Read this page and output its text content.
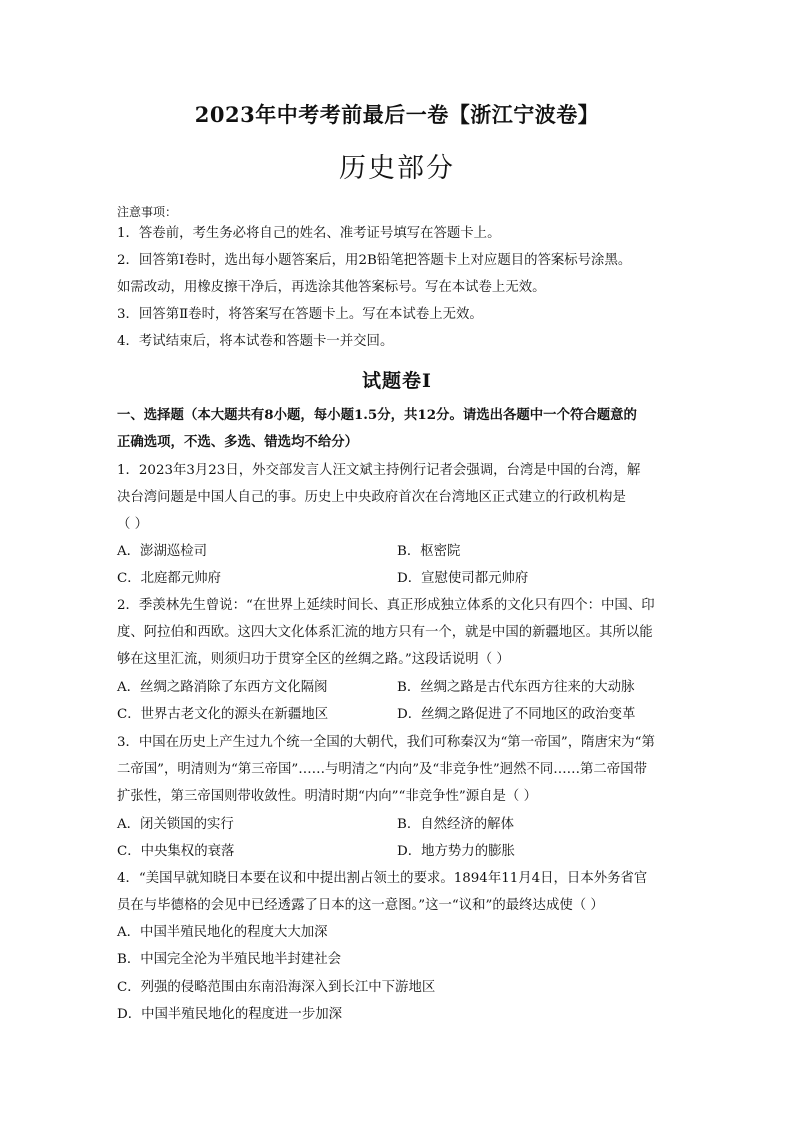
2023年中考考前最后一卷【浙江宁波卷】
历史部分
注意事项：
1．答卷前，考生务必将自己的姓名、准考证号填写在答题卡上。
2．回答第Ⅰ卷时，选出每小题答案后，用2B铅笔把答题卡上对应题目的答案标号涂黑。
如需改动，用橡皮擦干净后，再选涂其他答案标号。写在本试卷上无效。
3．回答第Ⅱ卷时，将答案写在答题卡上。写在本试卷上无效。
4．考试结束后，将本试卷和答题卡一并交回。
试题卷Ⅰ
一、选择题（本大题共有8小题，每小题1.5分，共12分。请选出各题中一个符合题意的
正确选项，不选、多选、错选均不给分）
1．2023年3月23日，外交部发言人汪文斌主持例行记者会强调，台湾是中国的台湾，解
决台湾问题是中国人自己的事。历史上中央政府首次在台湾地区正式建立的行政机构是
（ ）
A．澎湖巡检司	B．枢密院
C．北庭都元帅府	D．宣慰使司都元帅府
2．季羡林先生曾说：“在世界上延续时间长、真正形成独立体系的文化只有四个：中国、印
度、阿拉伯和西欧。这四大文化体系汇流的地方只有一个，就是中国的新疆地区。其所以能
够在这里汇流，则须归功于贯穿全区的丝绸之路。”这段话说明（ ）
A．丝绸之路消除了东西方文化隔阂	B．丝绸之路是古代东西方往来的大动脉
C．世界古老文化的源头在新疆地区	D．丝绸之路促进了不同地区的政治变革
3．中国在历史上产生过九个统一全国的大朝代，我们可称秦汉为“第一帝国”，隋唐宋为“第
二帝国”，明清则为“第三帝国”……与明清之“内向”及“非竞争性”迥然不同……第二帝国带
扩张性，第三帝国则带收敛性。明清时期“内向”“非竞争性”源自是（ ）
A．闭关锁国的实行	B．自然经济的解体
C．中央集权的衰落	D．地方势力的膨胀
4．“美国早就知晓日本要在议和中提出割占领土的要求。1894年11月4日，日本外务省官
员在与毕德格的会见中已经透露了日本的这一意图。”这一“议和”的最终达成使（ ）
A．中国半殖民地化的程度大大加深
B．中国完全沦为半殖民地半封建社会
C．列强的侵略范围由东南沿海深入到长江中下游地区
D．中国半殖民地化的程度进一步加深
